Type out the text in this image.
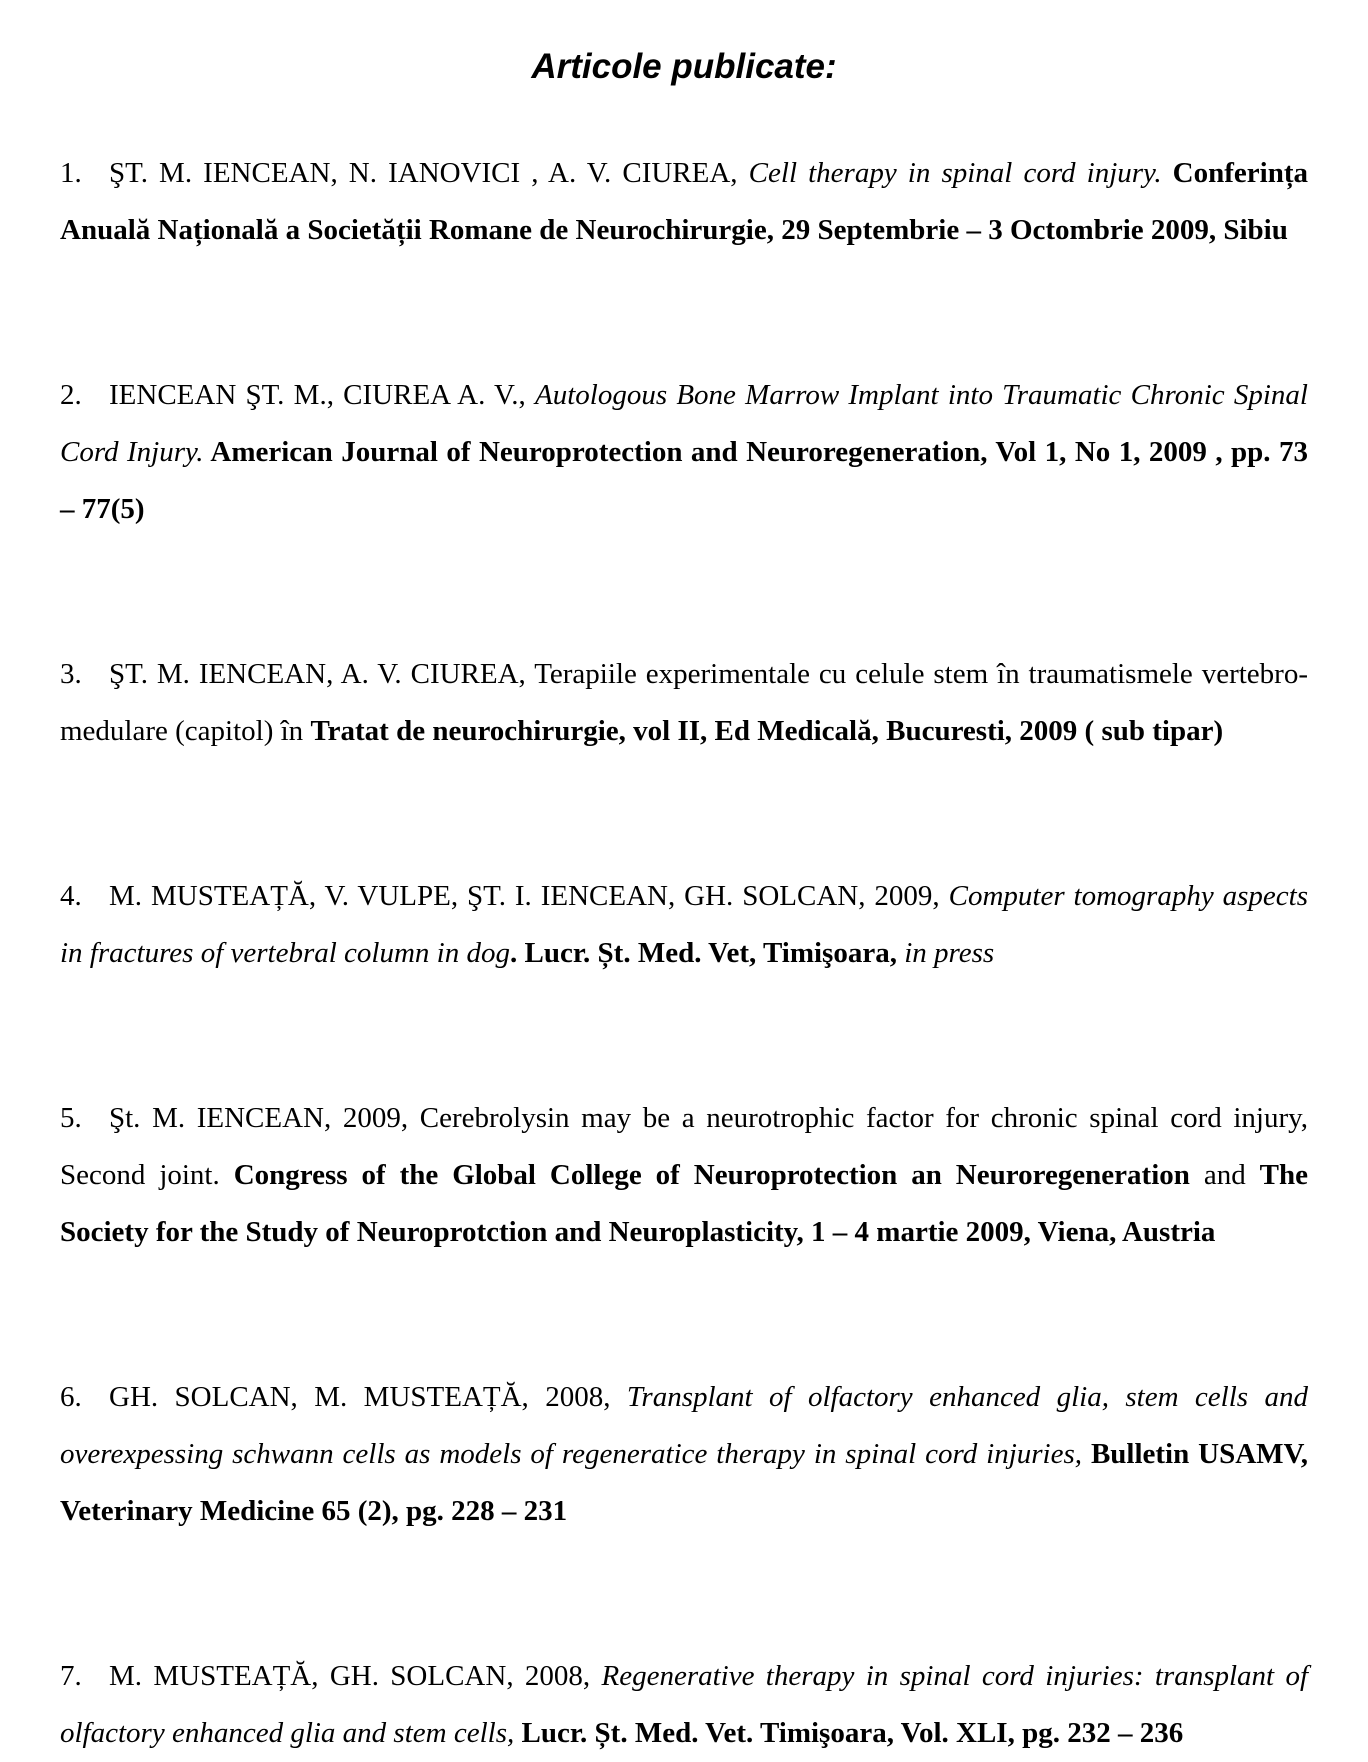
Articole publicate:
1. ŞT. M. IENCEAN, N. IANOVICI , A. V. CIUREA, Cell therapy in spinal cord injury. Conferința Anuală Națională a Societății Romane de Neurochirurgie, 29 Septembrie – 3 Octombrie 2009, Sibiu
2. IENCEAN ŞT. M., CIUREA A. V., Autologous Bone Marrow Implant into Traumatic Chronic Spinal Cord Injury. American Journal of Neuroprotection and Neuroregeneration, Vol 1, No 1, 2009 , pp. 73 – 77(5)
3. ŞT. M. IENCEAN, A. V. CIUREA, Terapiile experimentale cu celule stem în traumatismele vertebro-medulare (capitol) în Tratat de neurochirurgie, vol II, Ed Medicală, Bucuresti, 2009 ( sub tipar)
4. M. MUSTEAȚĂ, V. VULPE, ŞT. I. IENCEAN, GH. SOLCAN, 2009, Computer tomography aspects in fractures of vertebral column in dog. Lucr. Șt. Med. Vet, Timişoara, in press
5. Şt. M. IENCEAN, 2009, Cerebrolysin may be a neurotrophic factor for chronic spinal cord injury, Second joint. Congress of the Global College of Neuroprotection an Neuroregeneration and The Society for the Study of Neuroprotction and Neuroplasticity, 1 – 4 martie 2009, Viena, Austria
6. GH. SOLCAN, M. MUSTEAȚĂ, 2008, Transplant of olfactory enhanced glia, stem cells and overexpessing schwann cells as models of regeneratice therapy in spinal cord injuries, Bulletin USAMV, Veterinary Medicine 65 (2), pg. 228 – 231
7. M. MUSTEAȚĂ, GH. SOLCAN, 2008, Regenerative therapy in spinal cord injuries: transplant of olfactory enhanced glia and stem cells, Lucr. Șt. Med. Vet. Timişoara, Vol. XLI, pg. 232 – 236
